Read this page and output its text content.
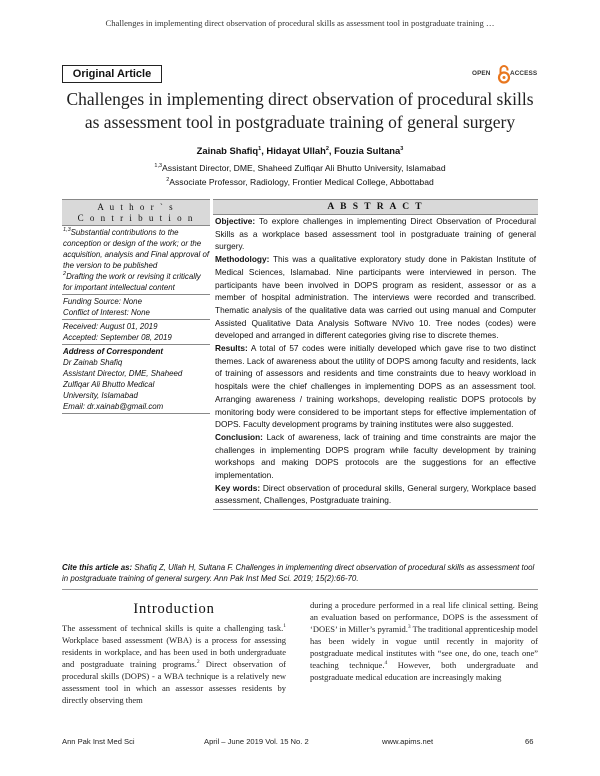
Challenges in implementing direct observation of procedural skills as assessment tool in postgraduate training …
Original Article	OPEN	ACCESS
Challenges in implementing direct observation of procedural skills
as assessment tool in postgraduate training of general surgery
Zainab Shafiq$^1$, Hidayat Ullah$^2$, Fouzia Sultana$^3$
$^{1,3}$Assistant Director, DME, Shaheed Zulfiqar Ali Bhutto University, Islamabad
$^2$Associate Professor, Radiology, Frontier Medical College, Abbottabad
A u t h o r ` s
C o n t r i b u t i o n

$^{1,3}$Substantial contributions to the conception or design of the work; or the acquisition, analysis and Final approval of the version to be published

$^2$Drafting the work or revising it critically for important intellectual content

Funding Source: None

Conflict of Interest: None

Received: August 01, 2019

Accepted: September 08, 2019

Address of Correspondent

Dr Zainab Shafiq

Assistant Director, DME, Shaheed

Zulfiqar Ali Bhutto Medical

University, Islamabad

Email: dr.xainab@gmail.com

A B S T R A C T

Objective: To explore challenges in implementing Direct Observation of Procedural Skills as a workplace based assessment tool in postgraduate training of general surgery.

Methodology: This was a qualitative exploratory study done in Pakistan Institute of Medical Sciences, Islamabad. Nine participants were interviewed in person. The participants have been involved in DOPS program as resident, assessor or as a member of hospital administration. The interviews were recorded and transcribed. Thematic analysis of the qualitative data was carried out using manual and Computer Assisted Qualitative Data Analysis Software NVivo 10. Tree nodes (codes) were developed and arranged in different categories giving rise to discrete themes.

Results: A total of 57 codes were initially developed which gave rise to two distinct themes. Lack of awareness about the utility of DOPS among faculty and residents, lack of training of assessors and residents and time constraints due to heavy workload in hospitals were the chief challenges in implementing DOPS as an assessment tool. Arranging awareness / training workshops, developing realistic DOPS protocols by monitoring body were considered to be important steps for effective implementation of DOPS. Faculty development programs by training institutes were also suggested.

Conclusion: Lack of awareness, lack of training and time constraints are major the challenges in implementing DOPS program while faculty development by training workshops and making DOPS protocols are the suggestions for an effective implementation.

Key words: Direct observation of procedural skills, General surgery, Workplace based assessment, Challenges, Postgraduate training.

Cite this article as: Shafiq Z, Ullah H, Sultana F. Challenges in implementing direct observation of procedural skills as assessment tool in postgraduate training of general surgery. Ann Pak Inst Med Sci. 2019; 15(2):66-70.
Introduction

The assessment of technical skills is quite a challenging task.$^1$ Workplace based assessment (WBA) is a process for assessing residents in workplace, and has been used in both undergraduate and postgraduate training programs.$^2$ Direct observation of procedural skills (DOPS) - a WBA technique is a relatively new assessment tool in which an assessor assesses residents by directly observing them

during a procedure performed in a real life clinical setting. Being an evaluation based on performance, DOPS is the assessment of ‘DOES’ in Miller’s pyramid.$^3$ The traditional apprenticeship model has been widely in vogue until recently in majority of postgraduate medical institutes with “see one, do one, teach one” teaching technique.$^4$ However, both undergraduate and postgraduate medical education are increasingly making

Ann Pak Inst Med Sci	April – June 2019 Vol. 15 No. 2	www.apims.net	66
